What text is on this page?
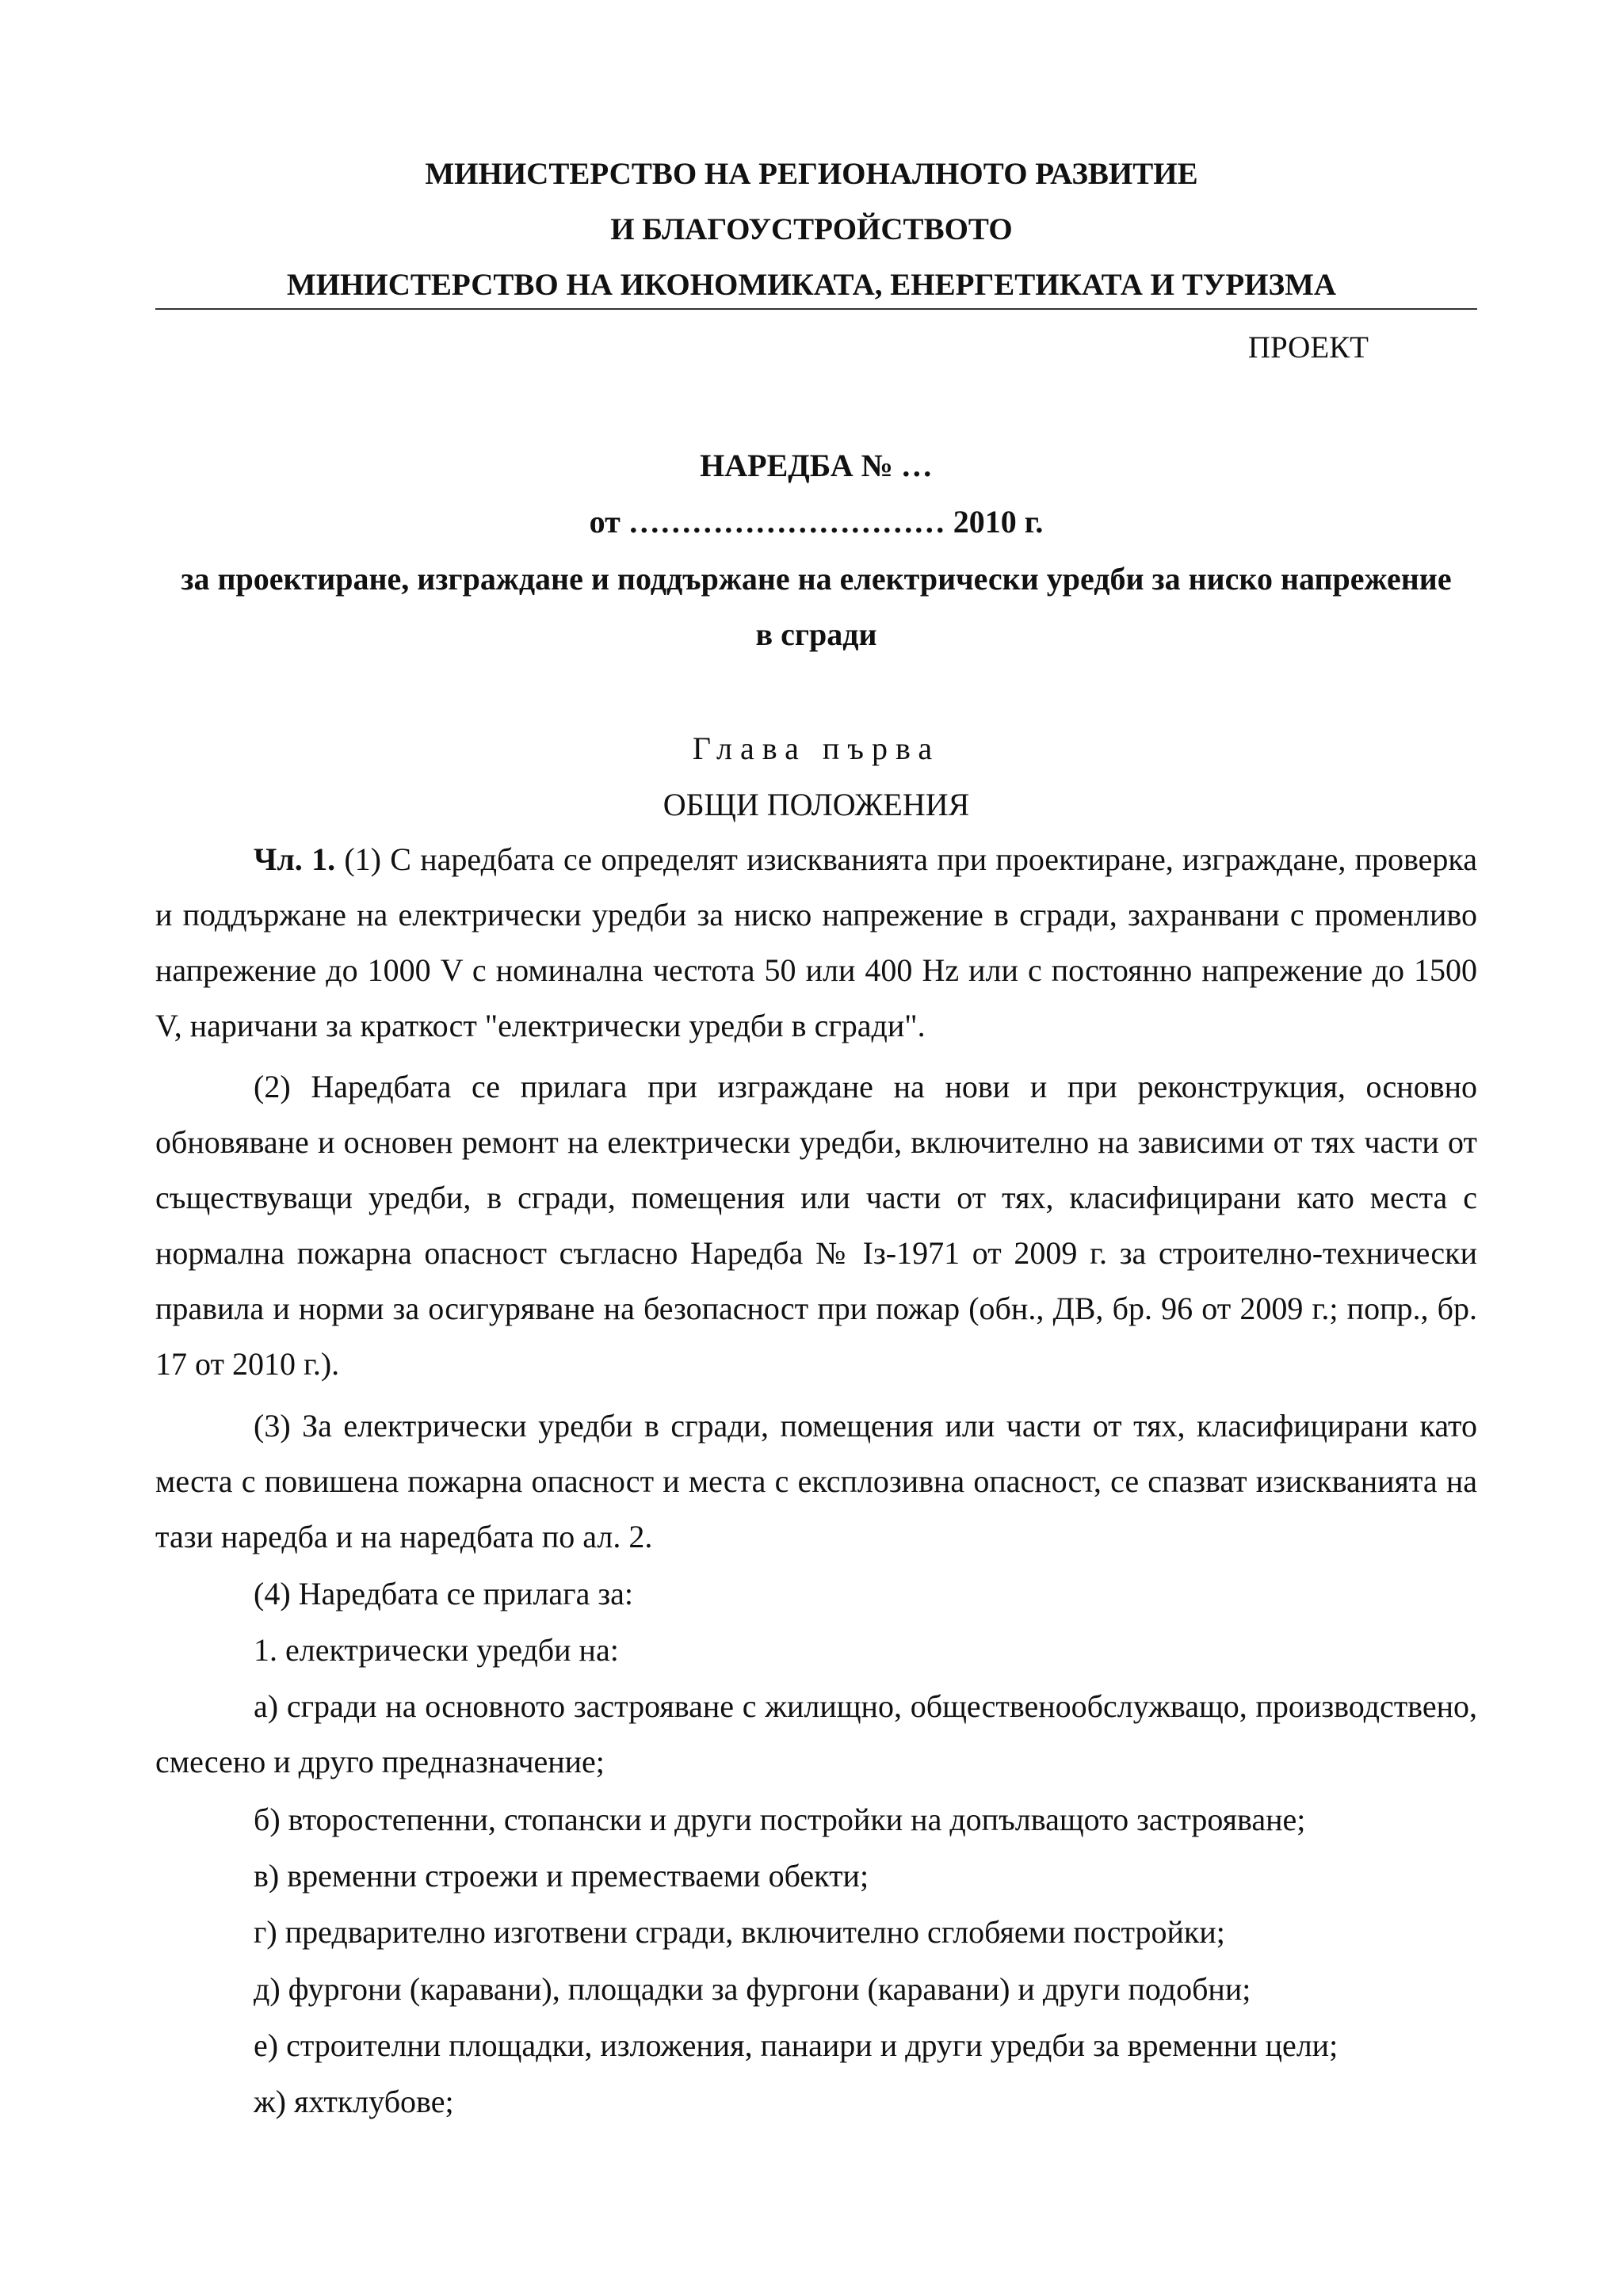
МИНИСТЕРСТВО НА РЕГИОНАЛНОТО РАЗВИТИЕ
И БЛАГОУСТРОЙСТВОТО
МИНИСТЕРСТВО НА ИКОНОМИКАТА, ЕНЕРГЕТИКАТА И ТУРИЗМА
ПРОЕКТ
НАРЕДБА № …
от ………………………… 2010 г.
за проектиране, изграждане и поддържане на електрически уредби за ниско напрежение
в сгради
Глава първа
ОБЩИ ПОЛОЖЕНИЯ
Чл. 1. (1) С наредбата се определят изискванията при проектиране, изграждане, проверка и поддържане на електрически уредби за ниско напрежение в сгради, захранвани с променливо напрежение до 1000 V с номинална честота 50 или 400 Hz или с постоянно напрежение до 1500 V, наричани за краткост "електрически уредби в сгради".
(2) Наредбата се прилага при изграждане на нови и при реконструкция, основно обновяване и основен ремонт на електрически уредби, включително на зависими от тях части от съществуващи уредби, в сгради, помещения или части от тях, класифицирани като места с нормална пожарна опасност съгласно Наредба № Iз-1971 от 2009 г. за строително-технически правила и норми за осигуряване на безопасност при пожар (обн., ДВ, бр. 96 от 2009 г.; попр., бр. 17 от 2010 г.).
(3) За електрически уредби в сгради, помещения или части от тях, класифицирани като места с повишена пожарна опасност и места с експлозивна опасност, се спазват изискванията на тази наредба и на наредбата по ал. 2.
(4) Наредбата се прилага за:
1. електрически уредби на:
а) сгради на основното застрояване с жилищно, общественообслужващо, производствено, смесено и друго предназначение;
б) второстепенни, стопански и други постройки на допълващото застрояване;
в) временни строежи и преместваеми обекти;
г) предварително изготвени сгради, включително сглобяеми постройки;
д) фургони (каравани), площадки за фургони (каравани) и други подобни;
е) строителни площадки, изложения, панаири и други уредби за временни цели;
ж) яхтклубове;
